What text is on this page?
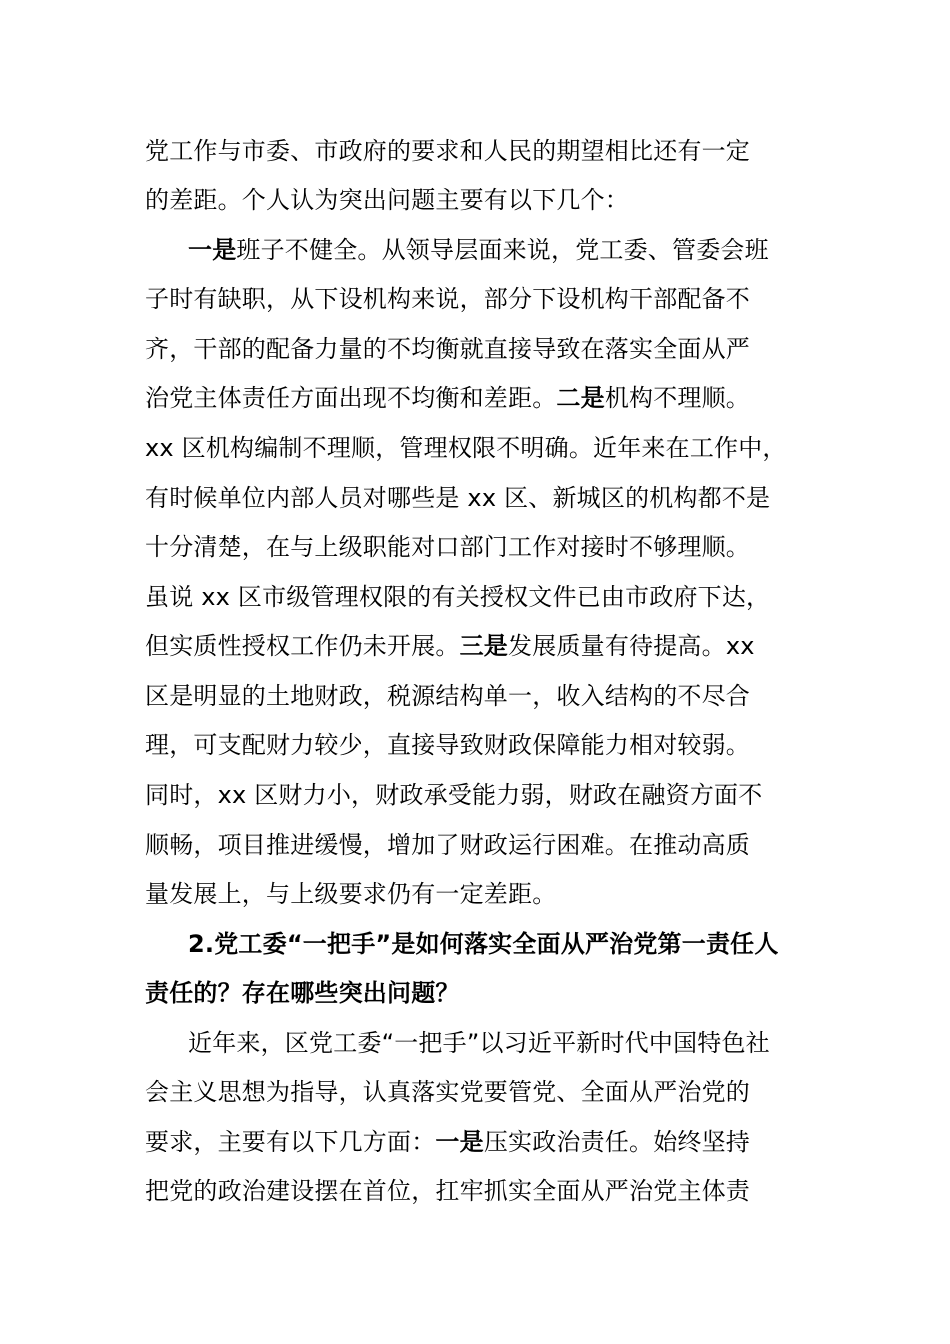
党工作与市委、市政府的要求和人民的期望相比还有一定
的差距。个人认为突出问题主要有以下几个：
一是班子不健全。从领导层面来说，党工委、管委会班
子时有缺职，从下设机构来说，部分下设机构干部配备不
齐，干部的配备力量的不均衡就直接导致在落实全面从严
治党主体责任方面出现不均衡和差距。二是机构不理顺。
xx 区机构编制不理顺，管理权限不明确。近年来在工作中，
有时候单位内部人员对哪些是 xx 区、新城区的机构都不是
十分清楚，在与上级职能对口部门工作对接时不够理顺。
虽说 xx 区市级管理权限的有关授权文件已由市政府下达，
但实质性授权工作仍未开展。三是发展质量有待提高。xx
区是明显的土地财政，税源结构单一，收入结构的不尽合
理，可支配财力较少，直接导致财政保障能力相对较弱。
同时，xx 区财力小，财政承受能力弱，财政在融资方面不
顺畅，项目推进缓慢，增加了财政运行困难。在推动高质
量发展上，与上级要求仍有一定差距。
2.党工委“一把手”是如何落实全面从严治党第一责任人
责任的？存在哪些突出问题？
近年来，区党工委“一把手”以习近平新时代中国特色社
会主义思想为指导，认真落实党要管党、全面从严治党的
要求，主要有以下几方面：一是压实政治责任。始终坚持
把党的政治建设摆在首位，扛牢抓实全面从严治党主体责
